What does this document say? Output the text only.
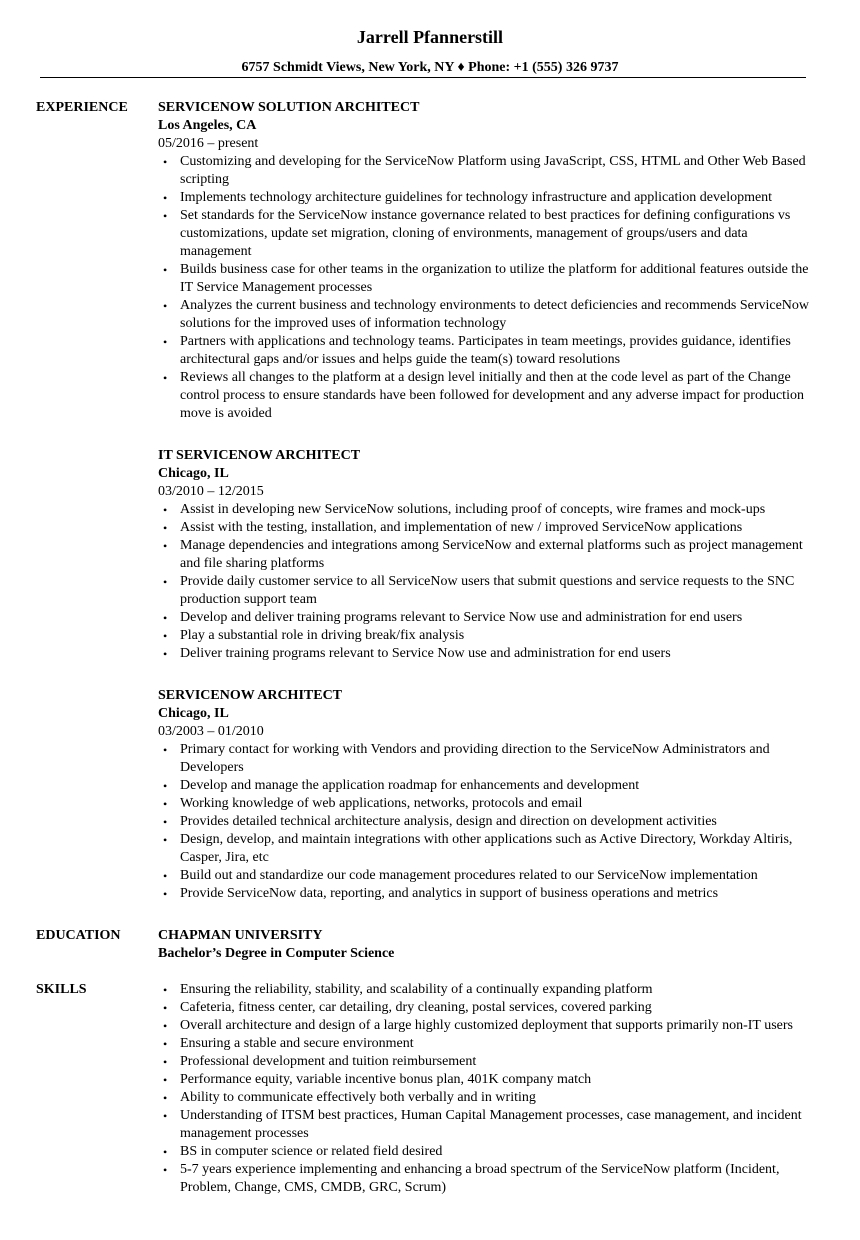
Jarrell Pfannerstill
6757 Schmidt Views, New York, NY ♦ Phone: +1 (555) 326 9737
EXPERIENCE SERVICENOW SOLUTION ARCHITECT
Los Angeles, CA
05/2016 – present
• Customizing and developing for the ServiceNow Platform using JavaScript, CSS, HTML and Other Web Based scripting
• Implements technology architecture guidelines for technology infrastructure and application development
• Set standards for the ServiceNow instance governance related to best practices for defining configurations vs customizations, update set migration, cloning of environments, management of groups/users and data management
• Builds business case for other teams in the organization to utilize the platform for additional features outside the IT Service Management processes
• Analyzes the current business and technology environments to detect deficiencies and recommends ServiceNow solutions for the improved uses of information technology
• Partners with applications and technology teams. Participates in team meetings, provides guidance, identifies architectural gaps and/or issues and helps guide the team(s) toward resolutions
• Reviews all changes to the platform at a design level initially and then at the code level as part of the Change control process to ensure standards have been followed for development and any adverse impact for production move is avoided
IT SERVICENOW ARCHITECT
Chicago, IL
03/2010 – 12/2015
• Assist in developing new ServiceNow solutions, including proof of concepts, wire frames and mock-ups
• Assist with the testing, installation, and implementation of new / improved ServiceNow applications
• Manage dependencies and integrations among ServiceNow and external platforms such as project management and file sharing platforms
• Provide daily customer service to all ServiceNow users that submit questions and service requests to the SNC production support team
• Develop and deliver training programs relevant to Service Now use and administration for end users
• Play a substantial role in driving break/fix analysis
• Deliver training programs relevant to Service Now use and administration for end users
SERVICENOW ARCHITECT
Chicago, IL
03/2003 – 01/2010
• Primary contact for working with Vendors and providing direction to the ServiceNow Administrators and Developers
• Develop and manage the application roadmap for enhancements and development
• Working knowledge of web applications, networks, protocols and email
• Provides detailed technical architecture analysis, design and direction on development activities
• Design, develop, and maintain integrations with other applications such as Active Directory, Workday Altiris, Casper, Jira, etc
• Build out and standardize our code management procedures related to our ServiceNow implementation
• Provide ServiceNow data, reporting, and analytics in support of business operations and metrics
EDUCATION	CHAPMAN UNIVERSITY
Bachelor’s Degree in Computer Science
SKILLS	• Ensuring the reliability, stability, and scalability of a continually expanding platform
• Cafeteria, fitness center, car detailing, dry cleaning, postal services, covered parking
• Overall architecture and design of a large highly customized deployment that supports primarily non-IT users
• Ensuring a stable and secure environment
• Professional development and tuition reimbursement
• Performance equity, variable incentive bonus plan, 401K company match
• Ability to communicate effectively both verbally and in writing
• Understanding of ITSM best practices, Human Capital Management processes, case management, and incident management processes
• BS in computer science or related field desired
• 5-7 years experience implementing and enhancing a broad spectrum of the ServiceNow platform (Incident, Problem, Change, CMS, CMDB, GRC, Scrum)
